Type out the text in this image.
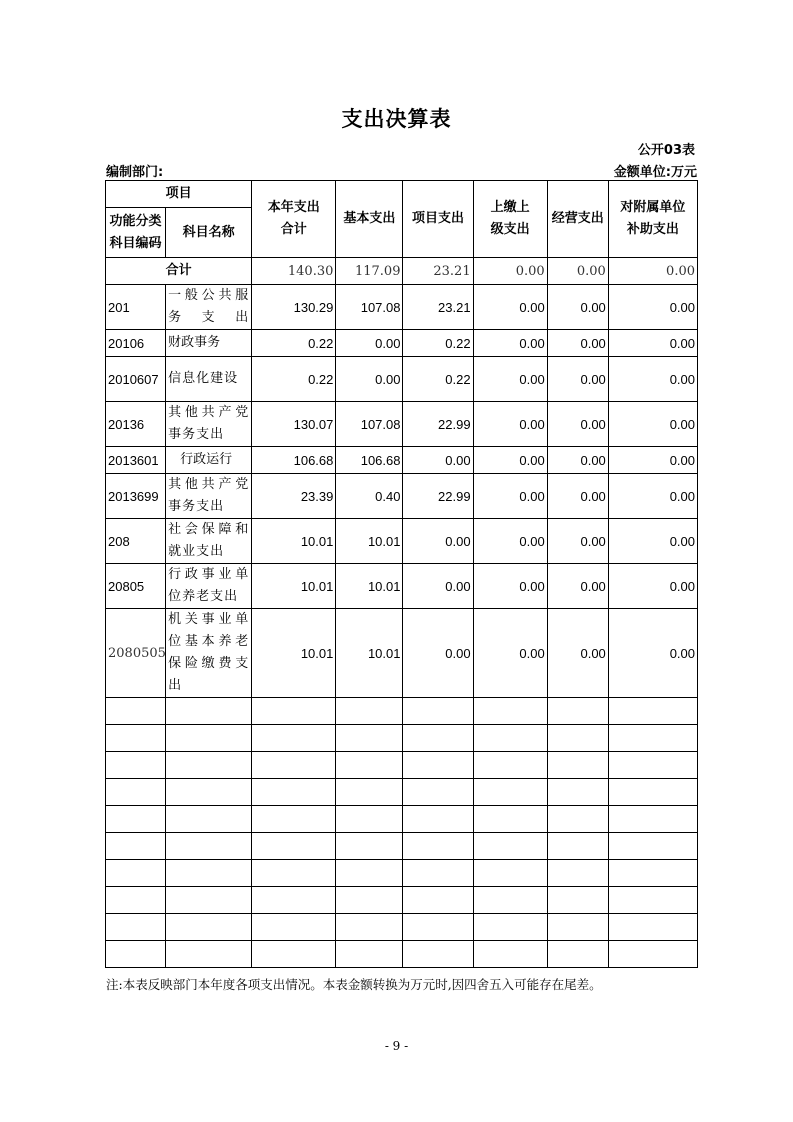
支出决算表
公开03表
编制部门:	金额单位:万元
项目		本年支出合计	基本支出	项目支出	上缴上级支出	经营支出	对附属单位补助支出
功能分类科目编码	科目名称						
合计		140.30	117.09	23.21	0.00	0.00	0.00
201	一般公共服务支出	130.29	107.08	23.21	0.00	0.00	0.00
20106	财政事务	0.22	0.00	0.22	0.00	0.00	0.00
2010607	信息化建设	0.22	0.00	0.22	0.00	0.00	0.00
20136	其他共产党事务支出	130.07	107.08	22.99	0.00	0.00	0.00
2013601	行政运行	106.68	106.68	0.00	0.00	0.00	0.00
2013699	其他共产党事务支出	23.39	0.40	22.99	0.00	0.00	0.00
208	社会保障和就业支出	10.01	10.01	0.00	0.00	0.00	0.00
20805	行政事业单位养老支出	10.01	10.01	0.00	0.00	0.00	0.00
2080505	机关事业单位基本养老保险缴费支出	10.01	10.01	0.00	0.00	0.00	0.00

注:本表反映部门本年度各项支出情况。本表金额转换为万元时,因四舍五入可能存在尾差。
- 9 -
